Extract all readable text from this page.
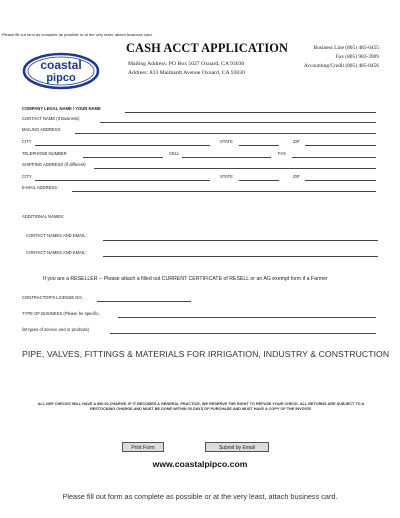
Please fill out form as complete as possible or at the very least, attach business card.
coastal
pipco
CASH ACCT APPLICATION
Mailing Address: PO Box 5027 Oxnard, CA 93030
Address: 833 Mailhardt Avenue Oxnard, CA 93030
Business Line (805) 485-0455
Fax (805) 983-3909
Accounting/Credit (805) 485-0456
COMPANY LEGAL NAME / YOUR NAME
CONTACT NAME (If Business)
MAILING ADDRESS
CITY	STATE	ZIP
TELEPHONE NUMBER	CELL	FAX
SHIPPING ADDRESS (If different)
CITY	STATE	ZIP
E-MAIL ADDRESS :
ADDITIONAL NAMES:
CONTACT NAMES AND EMAIL:
CONTACT NAMES AND EMAIL:
If you are a RESELLER -- Please attach a filled out CURRENT CERTIFICATE of RESELL or an AG exempt form if a Farmer
CONTRACTOR'S LICENSE NO.
TYPE OF BUSINESS (Please be specific,
list types of service and or prodcuts)
PIPE, VALVES, FITTINGS & MATERIALS FOR IRRIGATION, INDUSTRY & CONSTRUCTION
ALL NSF CHECKS WILL HAVE A $50.00 CHARGE. IF IT BECOMES A GENERAL PRACTICE, WE RESERVE THE RIGHT TO REFUSE YOUR CHECK. ALL RETURNS ARE SUBJECT TO A RESTOCKING CHARGE AND MUST BE DONE WITHIN 30 DAYS OF PURCHASE AND MUST HAVE A COPY OF THE INVOICE.
Print Form	Submit by Email
www.coastalpipco.com
Please fill out form as complete as possible or at the very least, attach business card.
